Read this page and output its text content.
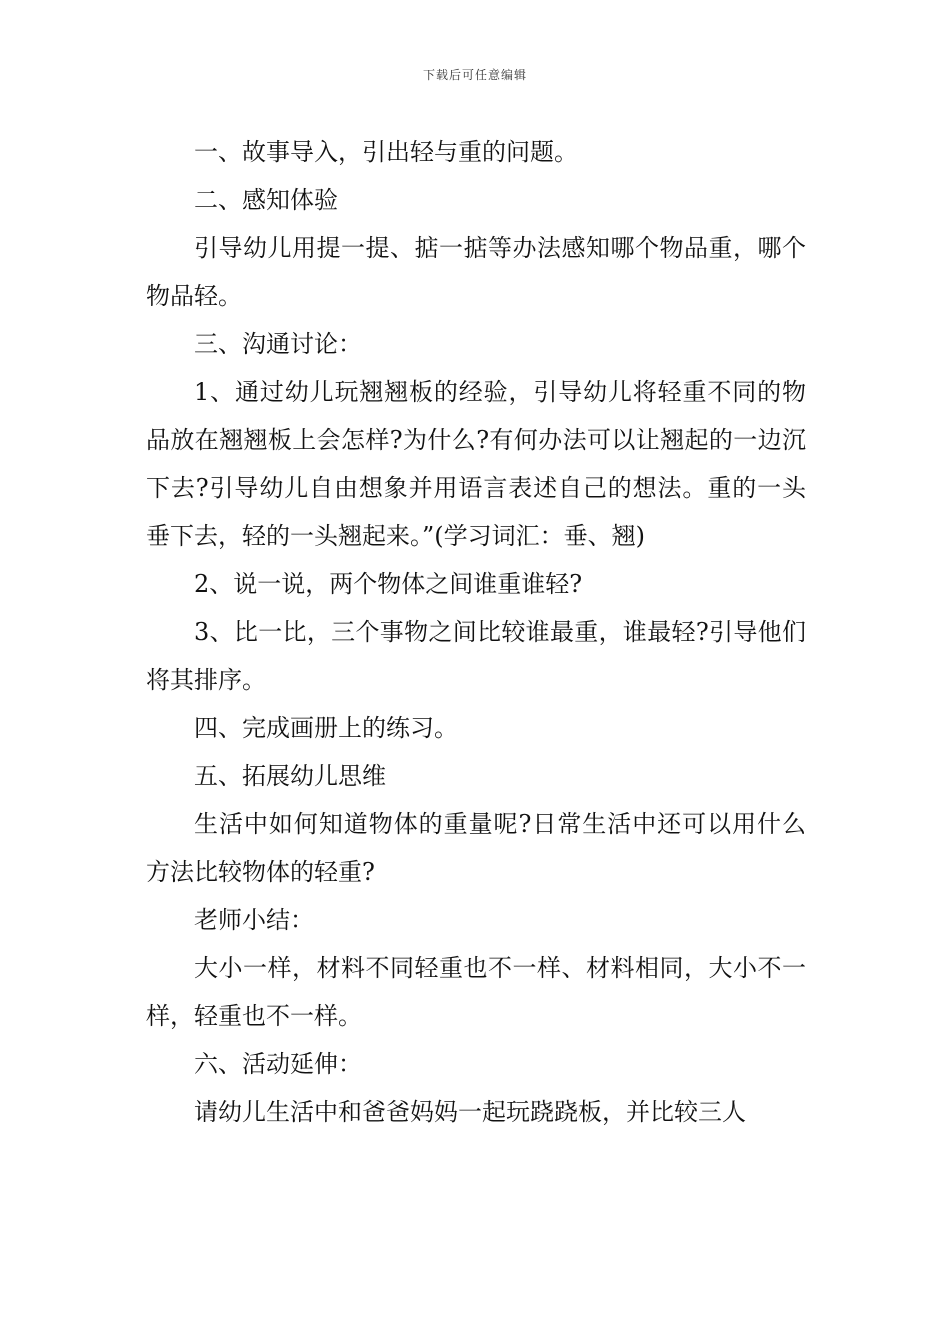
下载后可任意编辑

一、故事导入，引出轻与重的问题。

二、感知体验

引导幼儿用提一提、掂一掂等办法感知哪个物品重，哪个物品轻。

三、沟通讨论：

1、通过幼儿玩翘翘板的经验，引导幼儿将轻重不同的物品放在翘翘板上会怎样?为什么?有何办法可以让翘起的一边沉下去?引导幼儿自由想象并用语言表述自己的想法。重的一头垂下去，轻的一头翘起来。”(学习词汇：垂、翘)

2、说一说，两个物体之间谁重谁轻?

3、比一比，三个事物之间比较谁最重，谁最轻?引导他们将其排序。

四、完成画册上的练习。

五、拓展幼儿思维

生活中如何知道物体的重量呢?日常生活中还可以用什么方法比较物体的轻重?

老师小结：

大小一样，材料不同轻重也不一样、材料相同，大小不一样，轻重也不一样。

六、活动延伸：

请幼儿生活中和爸爸妈妈一起玩跷跷板，并比较三人
